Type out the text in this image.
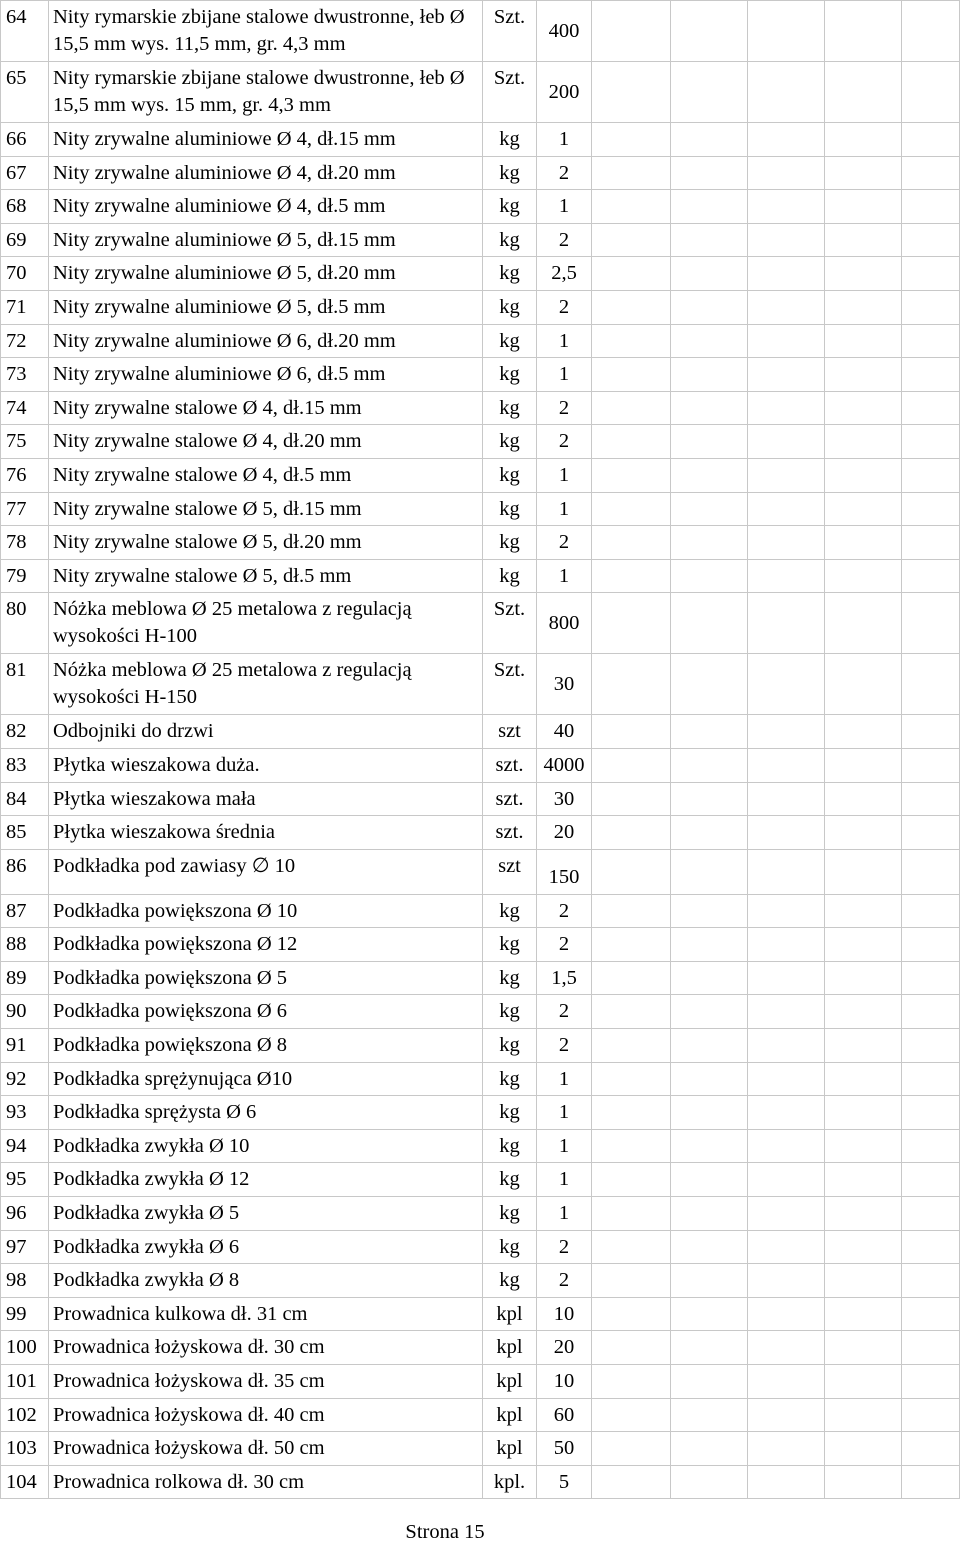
64	Nity rymarskie zbijane stalowe dwustronne, łeb Ø 15,5 mm wys. 11,5 mm, gr. 4,3 mm	Szt.	400					
65	Nity rymarskie zbijane stalowe dwustronne, łeb Ø 15,5 mm wys. 15 mm, gr. 4,3 mm	Szt.	200					
66	Nity zrywalne aluminiowe Ø 4, dł.15 mm	kg	1					
67	Nity zrywalne aluminiowe Ø 4, dł.20 mm	kg	2					
68	Nity zrywalne aluminiowe Ø 4, dł.5 mm	kg	1					
69	Nity zrywalne aluminiowe Ø 5, dł.15 mm	kg	2					
70	Nity zrywalne aluminiowe Ø 5, dł.20 mm	kg	2,5					
71	Nity zrywalne aluminiowe Ø 5, dł.5 mm	kg	2					
72	Nity zrywalne aluminiowe Ø 6, dł.20 mm	kg	1					
73	Nity zrywalne aluminiowe Ø 6, dł.5 mm	kg	1					
74	Nity zrywalne stalowe Ø 4, dł.15 mm	kg	2					
75	Nity zrywalne stalowe Ø 4, dł.20 mm	kg	2					
76	Nity zrywalne stalowe Ø 4, dł.5 mm	kg	1					
77	Nity zrywalne stalowe Ø 5, dł.15 mm	kg	1					
78	Nity zrywalne stalowe Ø 5, dł.20 mm	kg	2					
79	Nity zrywalne stalowe Ø 5, dł.5 mm	kg	1					
80	Nóżka meblowa Ø 25 metalowa z regulacją wysokości H-100	Szt.	800					
81	Nóżka meblowa Ø 25 metalowa z regulacją wysokości H-150	Szt.	30					
82	Odbojniki do drzwi	szt	40					
83	Płytka wieszakowa duża.	szt.	4000					
84	Płytka wieszakowa mała	szt.	30					
85	Płytka wieszakowa średnia	szt.	20					
86	Podkładka pod zawiasy ∅ 10	szt	150					
87	Podkładka powiększona Ø 10	kg	2					
88	Podkładka powiększona Ø 12	kg	2					
89	Podkładka powiększona Ø 5	kg	1,5					
90	Podkładka powiększona Ø 6	kg	2					
91	Podkładka powiększona Ø 8	kg	2					
92	Podkładka sprężynująca Ø10	kg	1					
93	Podkładka sprężysta Ø 6	kg	1					
94	Podkładka zwykła Ø 10	kg	1					
95	Podkładka zwykła Ø 12	kg	1					
96	Podkładka zwykła Ø 5	kg	1					
97	Podkładka zwykła Ø 6	kg	2					
98	Podkładka zwykła Ø 8	kg	2					
99	Prowadnica kulkowa dł. 31 cm	kpl	10					
100	Prowadnica łożyskowa dł. 30 cm	kpl	20					
101	Prowadnica łożyskowa dł. 35 cm	kpl	10					
102	Prowadnica łożyskowa dł. 40 cm	kpl	60					
103	Prowadnica łożyskowa dł. 50 cm	kpl	50					
104	Prowadnica rolkowa dł. 30 cm	kpl.	5					
Strona 15
